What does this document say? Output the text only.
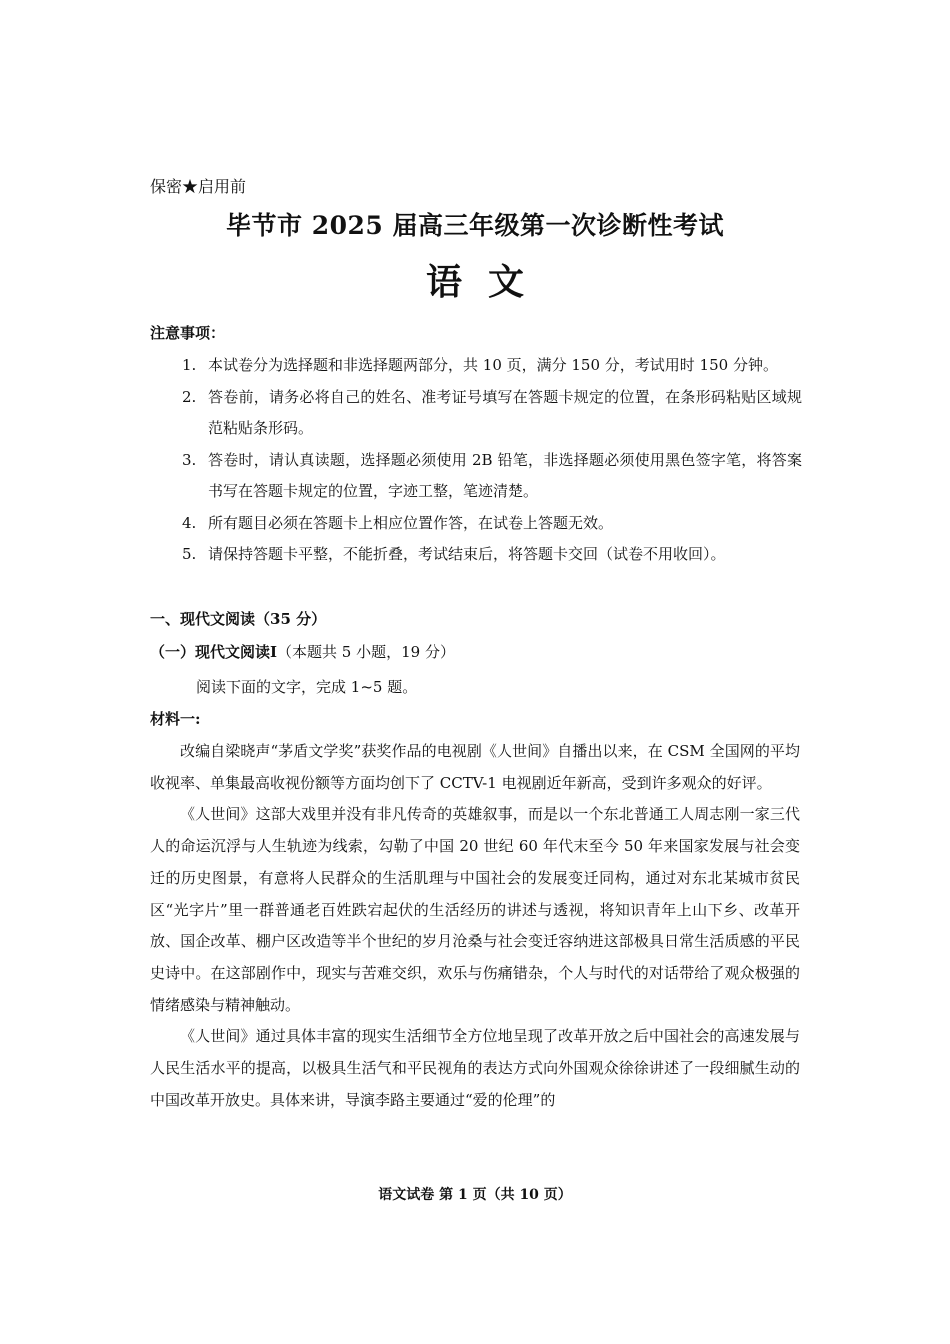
保密★启用前
毕节市 2025 届高三年级第一次诊断性考试
语文
注意事项：
1. 本试卷分为选择题和非选择题两部分，共 10 页，满分 150 分，考试用时 150 分钟。
2. 答卷前，请务必将自己的姓名、准考证号填写在答题卡规定的位置，在条形码粘贴区域规范粘贴条形码。
3. 答卷时，请认真读题，选择题必须使用 2B 铅笔，非选择题必须使用黑色签字笔，将答案书写在答题卡规定的位置，字迹工整，笔迹清楚。
4. 所有题目必须在答题卡上相应位置作答，在试卷上答题无效。
5. 请保持答题卡平整，不能折叠，考试结束后，将答题卡交回（试卷不用收回）。
一、现代文阅读（35 分）
（一）现代文阅读Ⅰ（本题共 5 小题，19 分）
阅读下面的文字，完成 1~5 题。
材料一:

改编自梁晓声“茅盾文学奖”获奖作品的电视剧《人世间》自播出以来，在 CSM 全国网的平均收视率、单集最高收视份额等方面均创下了 CCTV-1 电视剧近年新高，受到许多观众的好评。

《人世间》这部大戏里并没有非凡传奇的英雄叙事，而是以一个东北普通工人周志刚一家三代人的命运沉浮与人生轨迹为线索，勾勒了中国 20 世纪 60 年代末至今 50 年来国家发展与社会变迁的历史图景，有意将人民群众的生活肌理与中国社会的发展变迁同构，通过对东北某城市贫民区“光字片”里一群普通老百姓跌宕起伏的生活经历的讲述与透视，将知识青年上山下乡、改革开放、国企改革、棚户区改造等半个世纪的岁月沧桑与社会变迁容纳进这部极具日常生活质感的平民史诗中。在这部剧作中，现实与苦难交织，欢乐与伤痛错杂，个人与时代的对话带给了观众极强的情绪感染与精神触动。

《人世间》通过具体丰富的现实生活细节全方位地呈现了改革开放之后中国社会的高速发展与人民生活水平的提高，以极具生活气和平民视角的表达方式向外国观众徐徐讲述了一段细腻生动的中国改革开放史。具体来讲，导演李路主要通过“爱的伦理”的

语文试卷 第 1 页（共 10 页）
